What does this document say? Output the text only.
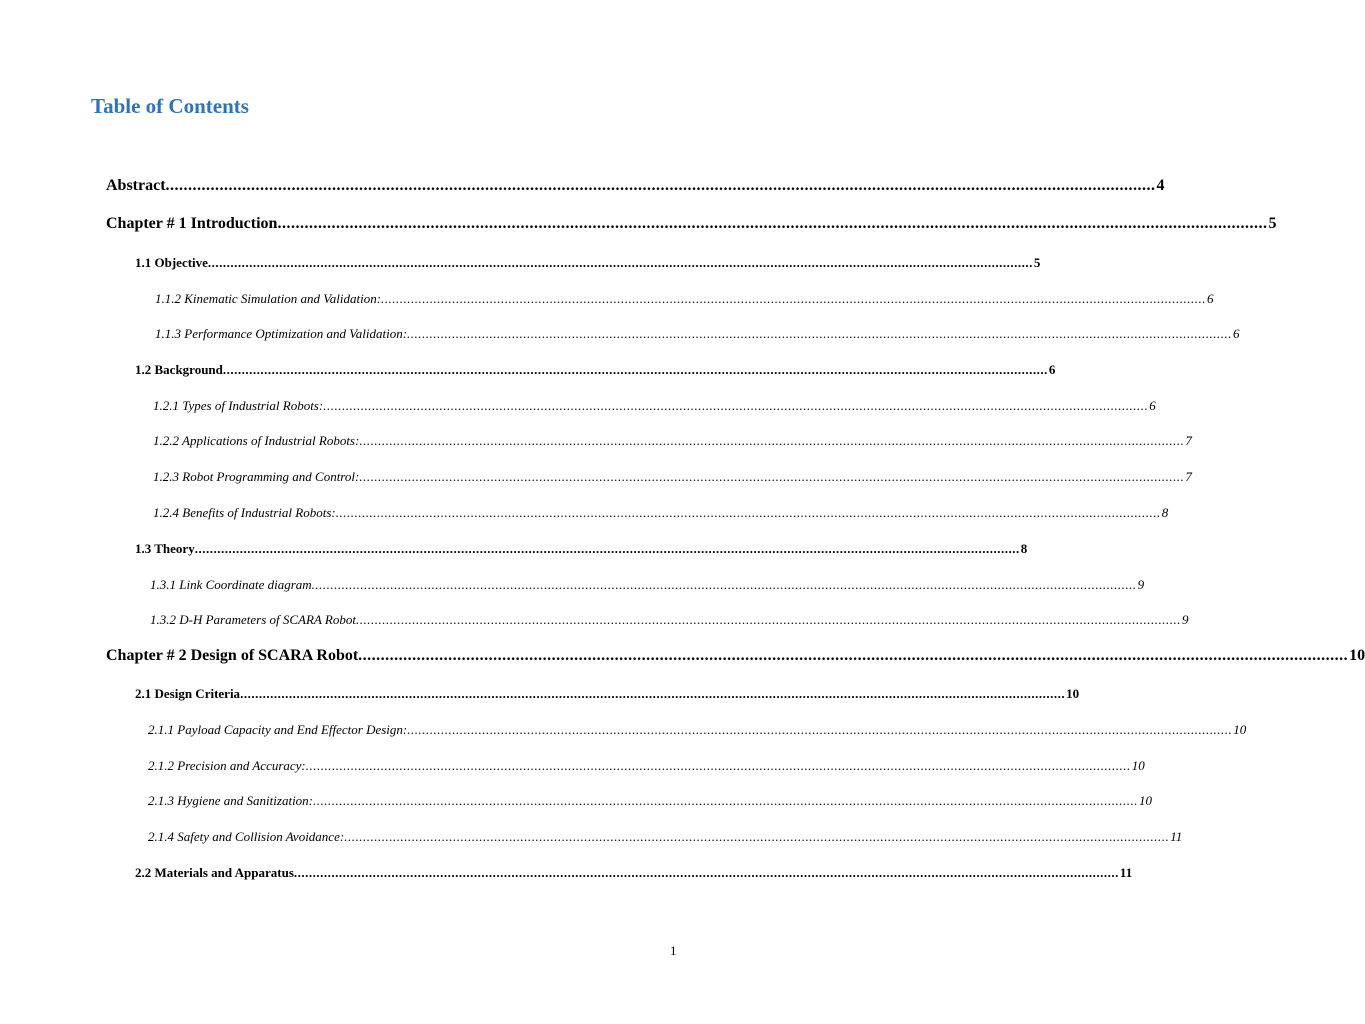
Table of Contents
Abstract ............................................................................................................................................................................................................................ 4
Chapter # 1 Introduction ............................................................................................................................................................................................................................ 5
1.1 Objective ............................................................................................................................................................................................................................ 5
1.1.2 Kinematic Simulation and Validation: ............................................................................................................................................................................................................................ 6
1.1.3 Performance Optimization and Validation: ............................................................................................................................................................................................................................ 6
1.2 Background ............................................................................................................................................................................................................................ 6
1.2.1 Types of Industrial Robots: ............................................................................................................................................................................................................................ 6
1.2.2 Applications of Industrial Robots: ............................................................................................................................................................................................................................ 7
1.2.3 Robot Programming and Control: ............................................................................................................................................................................................................................ 7
1.2.4 Benefits of Industrial Robots: ............................................................................................................................................................................................................................ 8
1.3 Theory ............................................................................................................................................................................................................................ 8
1.3.1 Link Coordinate diagram ............................................................................................................................................................................................................................ 9
1.3.2 D-H Parameters of SCARA Robot ............................................................................................................................................................................................................................ 9
Chapter # 2 Design of SCARA Robot ............................................................................................................................................................................................................................ 10
2.1 Design Criteria ............................................................................................................................................................................................................................ 10
2.1.1 Payload Capacity and End Effector Design: ............................................................................................................................................................................................................................ 10
2.1.2 Precision and Accuracy: ............................................................................................................................................................................................................................ 10
2.1.3 Hygiene and Sanitization: ............................................................................................................................................................................................................................ 10
2.1.4 Safety and Collision Avoidance: ............................................................................................................................................................................................................................ 11
2.2 Materials and Apparatus ............................................................................................................................................................................................................................ 11
1
